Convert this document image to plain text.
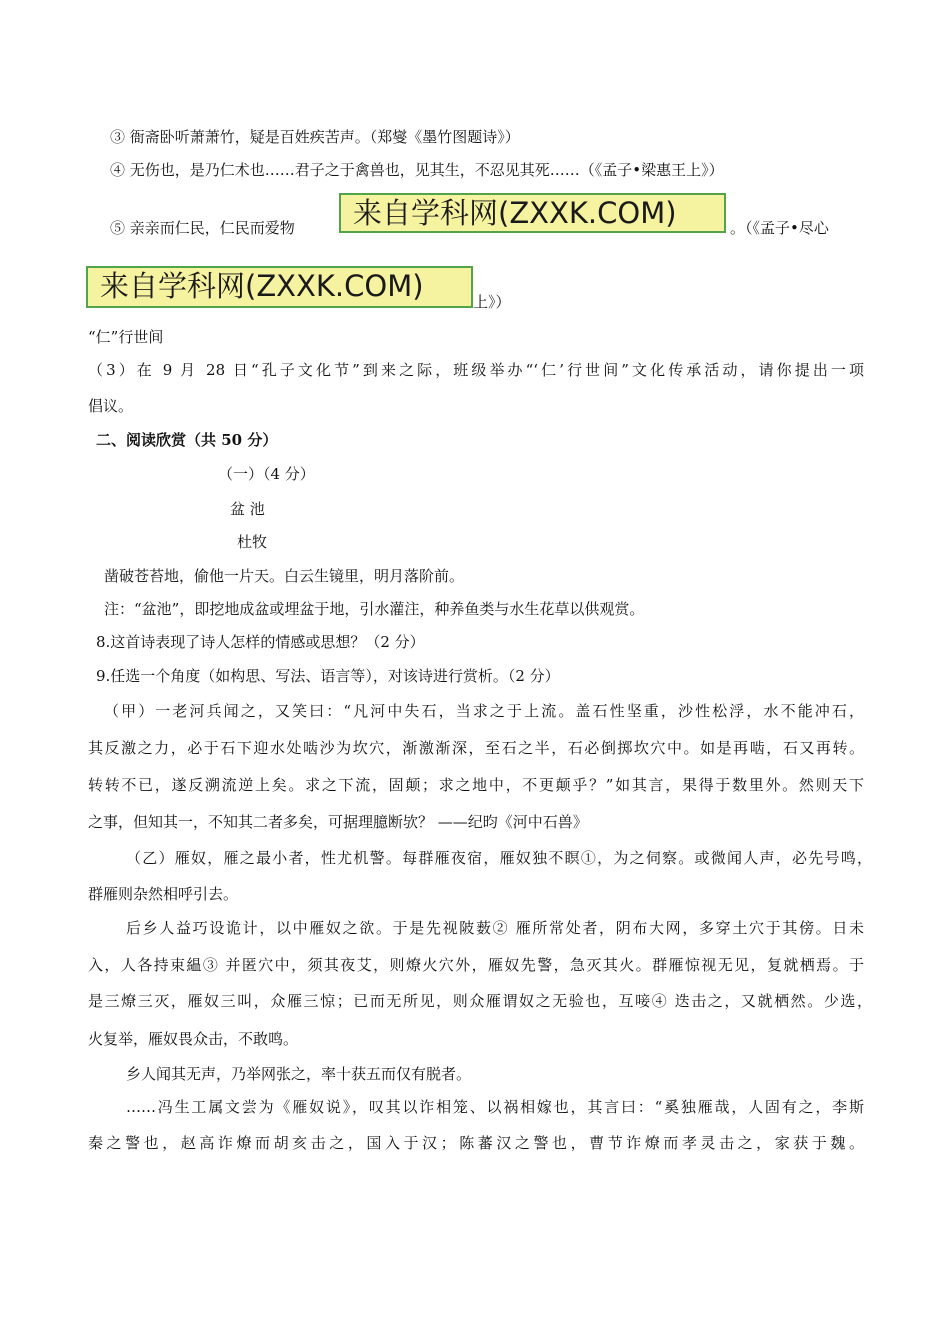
③ 衙斋卧听萧萧竹，疑是百姓疾苦声。（郑燮《墨竹图题诗》）
④ 无伤也，是乃仁术也……君子之于禽兽也，见其生，不忍见其死……（《孟子•梁惠王上》）
⑤ 亲亲而仁民，仁民而爱物	来自学科网(ZXXK.COM)	。（《孟子•尽心
来自学科网(ZXXK.COM)	上》）
“仁”行世间
（3）在 9 月 28 日“孔子文化节”到来之际，班级举办“‘仁’行世间”文化传承活动，请你提出一项
倡议。
二、阅读欣赏（共 50 分）
（一）（4 分）
盆 池
杜牧
凿破苍苔地，偷他一片天。白云生镜里，明月落阶前。
注：“盆池”，即挖地成盆或埋盆于地，引水灌注，种养鱼类与水生花草以供观赏。
8.这首诗表现了诗人怎样的情感或思想？（2 分）
9.任选一个角度（如构思、写法、语言等），对该诗进行赏析。（2 分）
（甲）一老河兵闻之，又笑曰：“凡河中失石，当求之于上流。盖石性坚重，沙性松浮，水不能冲石，
其反激之力，必于石下迎水处啮沙为坎穴，渐激渐深，至石之半，石必倒掷坎穴中。如是再啮，石又再转。
转转不已，遂反溯流逆上矣。求之下流，固颠；求之地中，不更颠乎？”如其言，果得于数里外。然则天下
之事，但知其一，不知其二者多矣，可据理臆断欤？ ——纪昀《河中石兽》
（乙）雁奴，雁之最小者，性尤机警。每群雁夜宿，雁奴独不瞑①，为之伺察。或微闻人声，必先号鸣，
群雁则杂然相呼引去。
后乡人益巧设诡计，以中雁奴之欲。于是先视陂薮② 雁所常处者，阴布大网，多穿土穴于其傍。日未
入，人各持束緼③ 并匿穴中，须其夜艾，则燎火穴外，雁奴先警，急灭其火。群雁惊视无见，复就栖焉。于
是三燎三灭，雁奴三叫，众雁三惊；已而无所见，则众雁谓奴之无验也，互唼④ 迭击之，又就栖然。少选，
火复举，雁奴畏众击，不敢鸣。
乡人闻其无声，乃举网张之，率十获五而仅有脱者。
……冯生工属文尝为《雁奴说》，叹其以诈相笼、以祸相嫁也，其言曰：“奚独雁哉，人固有之，李斯
秦之警也，赵高诈燎而胡亥击之，国入于汉；陈蕃汉之警也，曹节诈燎而孝灵击之，家获于魏。
